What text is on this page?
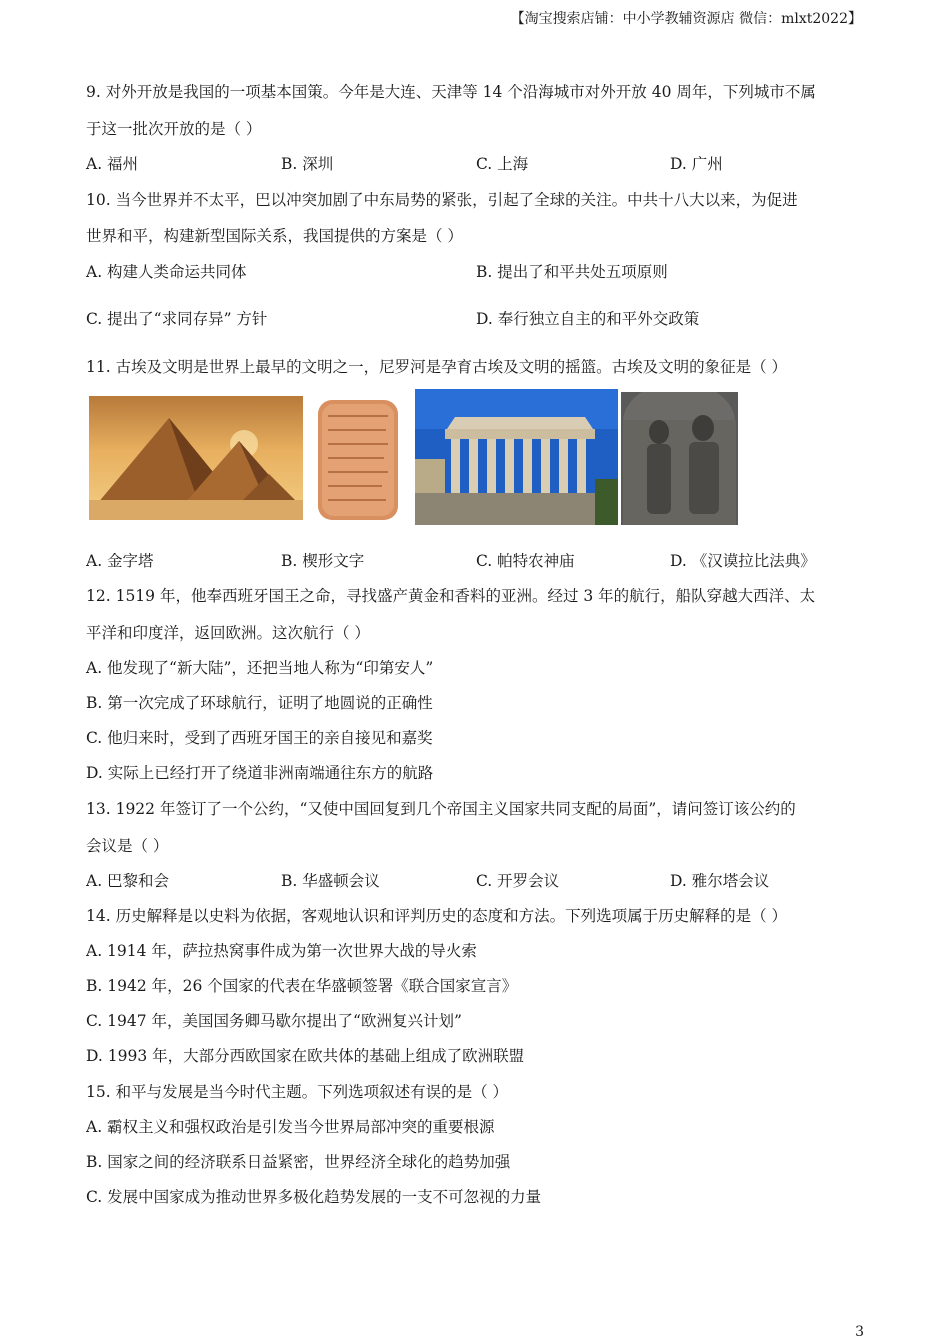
【淘宝搜索店铺：中小学教辅资源店 微信：mlxt2022】
9. 对外开放是我国的一项基本国策。今年是大连、天津等 14 个沿海城市对外开放 40 周年，下列城市不属
于这一批次开放的是（ ）
A. 福州	B. 深圳	C. 上海	D. 广州
10. 当今世界并不太平，巴以冲突加剧了中东局势的紧张，引起了全球的关注。中共十八大以来，为促进
世界和平，构建新型国际关系，我国提供的方案是（ ）
A. 构建人类命运共同体	B. 提出了和平共处五项原则
C. 提出了“求同存异” 方针	D. 奉行独立自主的和平外交政策
11. 古埃及文明是世界上最早的文明之一，尼罗河是孕育古埃及文明的摇篮。古埃及文明的象征是（ ）
A. 金字塔	B. 楔形文字	C. 帕特农神庙	D. 《汉谟拉比法典》
12. 1519 年，他奉西班牙国王之命，寻找盛产黄金和香料的亚洲。经过 3 年的航行，船队穿越大西洋、太
平洋和印度洋，返回欧洲。这次航行（ ）
A. 他发现了“新大陆”，还把当地人称为“印第安人”
B. 第一次完成了环球航行，证明了地圆说的正确性
C. 他归来时，受到了西班牙国王的亲自接见和嘉奖
D. 实际上已经打开了绕道非洲南端通往东方的航路
13. 1922 年签订了一个公约，“又使中国回复到几个帝国主义国家共同支配的局面”，请问签订该公约的
会议是（ ）
A. 巴黎和会	B. 华盛顿会议	C. 开罗会议	D. 雅尔塔会议
14. 历史解释是以史料为依据，客观地认识和评判历史的态度和方法。下列选项属于历史解释的是（ ）
A. 1914 年，萨拉热窝事件成为第一次世界大战的导火索
B. 1942 年，26 个国家的代表在华盛顿签署《联合国家宣言》
C. 1947 年，美国国务卿马歇尔提出了“欧洲复兴计划”
D. 1993 年，大部分西欧国家在欧共体的基础上组成了欧洲联盟
15. 和平与发展是当今时代主题。下列选项叙述有误的是（ ）
A. 霸权主义和强权政治是引发当今世界局部冲突的重要根源
B. 国家之间的经济联系日益紧密，世界经济全球化的趋势加强
C. 发展中国家成为推动世界多极化趋势发展的一支不可忽视的力量
3
